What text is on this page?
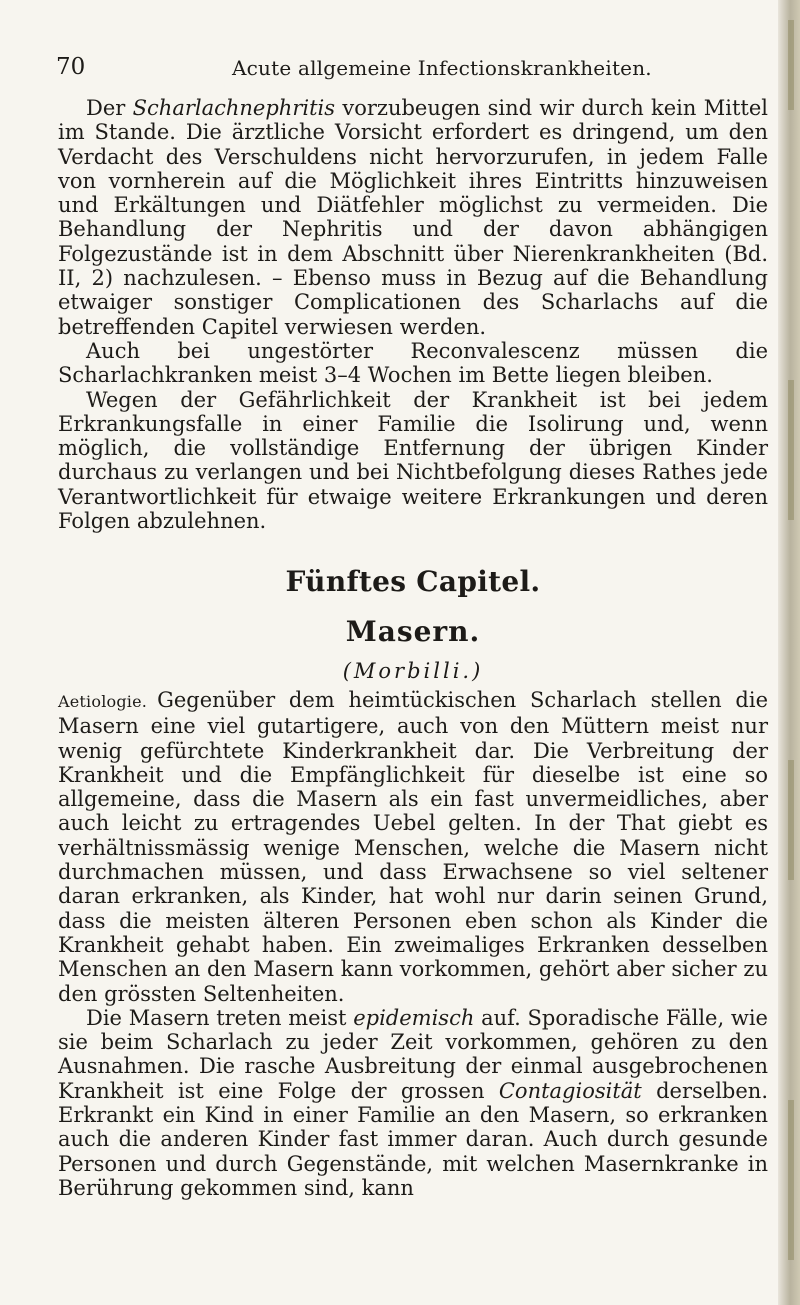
70	Acute allgemeine Infectionskrankheiten.

Der Scharlachnephritis vorzubeugen sind wir durch kein Mittel im Stande. Die ärztliche Vorsicht erfordert es dringend, um den Verdacht des Verschuldens nicht hervorzurufen, in jedem Falle von vornherein auf die Möglichkeit ihres Eintritts hinzuweisen und Erkältungen und Diätfehler möglichst zu vermeiden. Die Behandlung der Nephritis und der davon abhängigen Folgezustände ist in dem Abschnitt über Nierenkrankheiten (Bd. II, 2) nachzulesen. – Ebenso muss in Bezug auf die Behandlung etwaiger sonstiger Complicationen des Scharlachs auf die betreffenden Capitel verwiesen werden.

Auch bei ungestörter Reconvalescenz müssen die Scharlachkranken meist 3–4 Wochen im Bette liegen bleiben.

Wegen der Gefährlichkeit der Krankheit ist bei jedem Erkrankungsfalle in einer Familie die Isolirung und, wenn möglich, die vollständige Entfernung der übrigen Kinder durchaus zu verlangen und bei Nichtbefolgung dieses Rathes jede Verantwortlichkeit für etwaige weitere Erkrankungen und deren Folgen abzulehnen.

Fünftes Capitel.
Masern.
(Morbilli.)

Aetiologie. Gegenüber dem heimtückischen Scharlach stellen die Masern eine viel gutartigere, auch von den Müttern meist nur wenig gefürchtete Kinderkrankheit dar. Die Verbreitung der Krankheit und die Empfänglichkeit für dieselbe ist eine so allgemeine, dass die Masern als ein fast unvermeidliches, aber auch leicht zu ertragendes Uebel gelten. In der That giebt es verhältnissmässig wenige Menschen, welche die Masern nicht durchmachen müssen, und dass Erwachsene so viel seltener daran erkranken, als Kinder, hat wohl nur darin seinen Grund, dass die meisten älteren Personen eben schon als Kinder die Krankheit gehabt haben. Ein zweimaliges Erkranken desselben Menschen an den Masern kann vorkommen, gehört aber sicher zu den grössten Seltenheiten.

Die Masern treten meist epidemisch auf. Sporadische Fälle, wie sie beim Scharlach zu jeder Zeit vorkommen, gehören zu den Ausnahmen. Die rasche Ausbreitung der einmal ausgebrochenen Krankheit ist eine Folge der grossen Contagiosität derselben. Erkrankt ein Kind in einer Familie an den Masern, so erkranken auch die anderen Kinder fast immer daran. Auch durch gesunde Personen und durch Gegenstände, mit welchen Masernkranke in Berührung gekommen sind, kann
